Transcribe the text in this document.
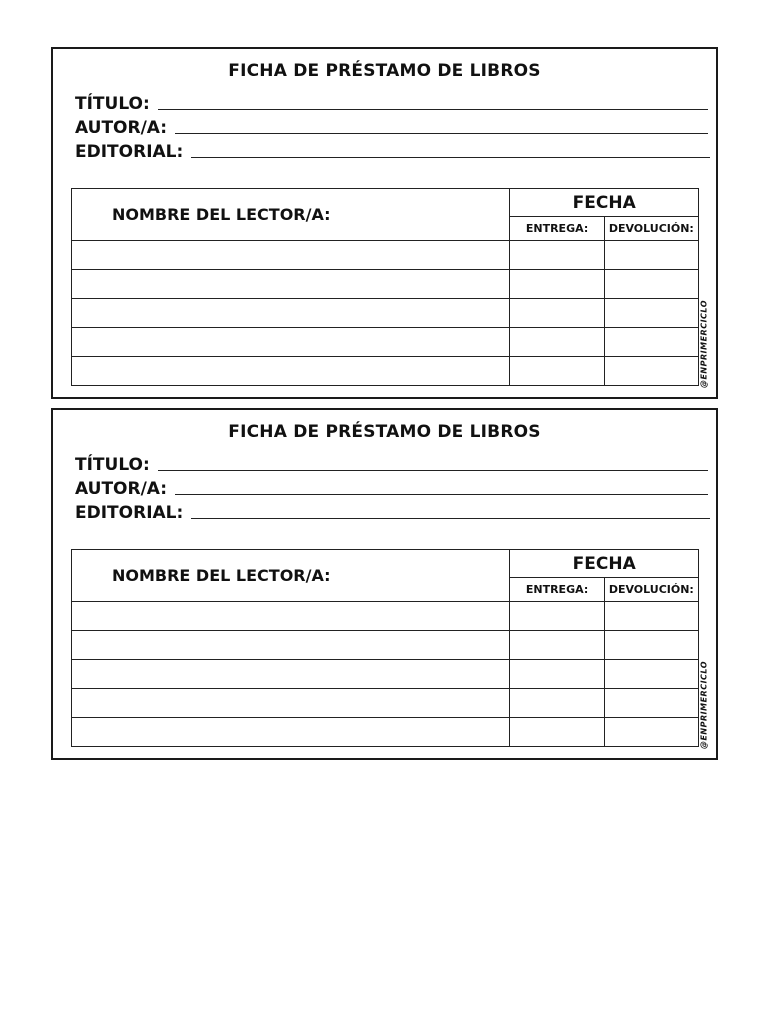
FICHA DE PRÉSTAMO DE LIBROS
TÍTULO:
AUTOR/A:
EDITORIAL:
NOMBRE DEL LECTOR/A:	FECHA	
	ENTREGA:	DEVOLUCIÓN:

@ENPRIMERCICLO
FICHA DE PRÉSTAMO DE LIBROS
TÍTULO:
AUTOR/A:
EDITORIAL:
NOMBRE DEL LECTOR/A:	FECHA	
	ENTREGA:	DEVOLUCIÓN:

@ENPRIMERCICLO
